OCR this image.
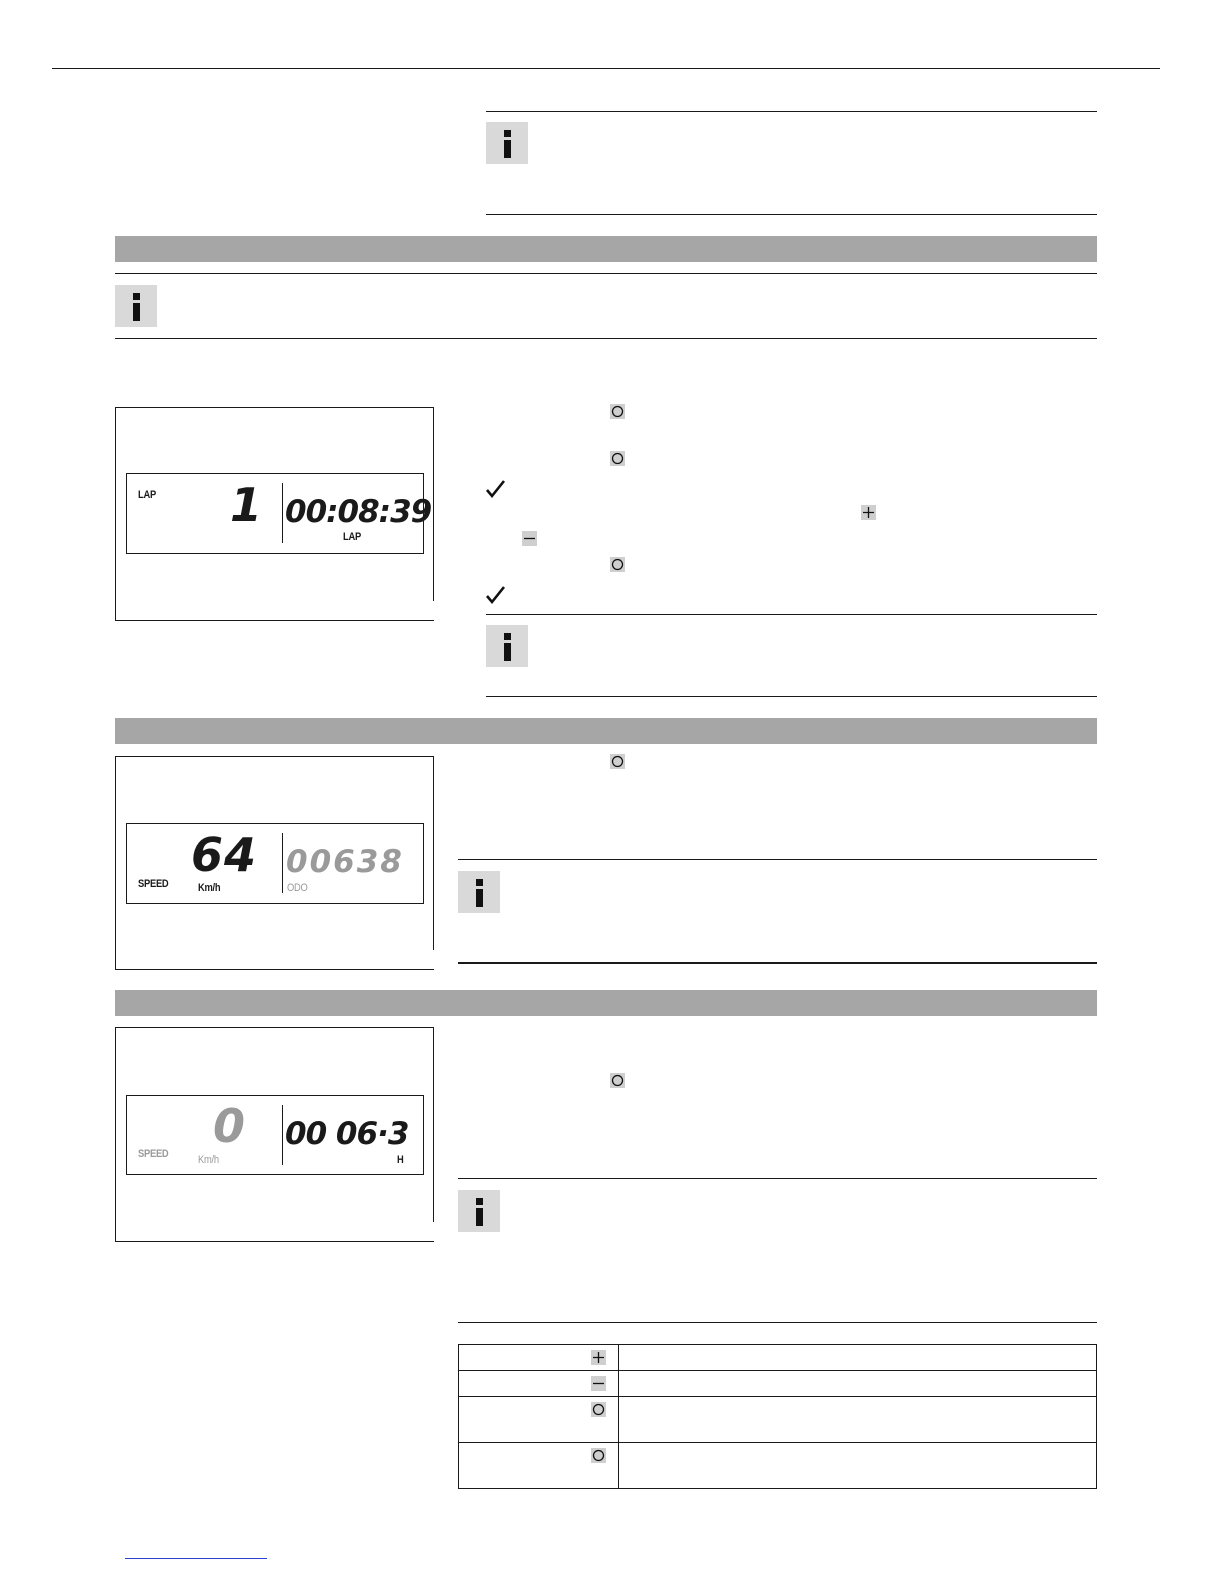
LAP 1 00:08:39
LAP
SPEED
64
Km/h
00638
ODO
SPEED
0
Km/h
00 06·3
H
